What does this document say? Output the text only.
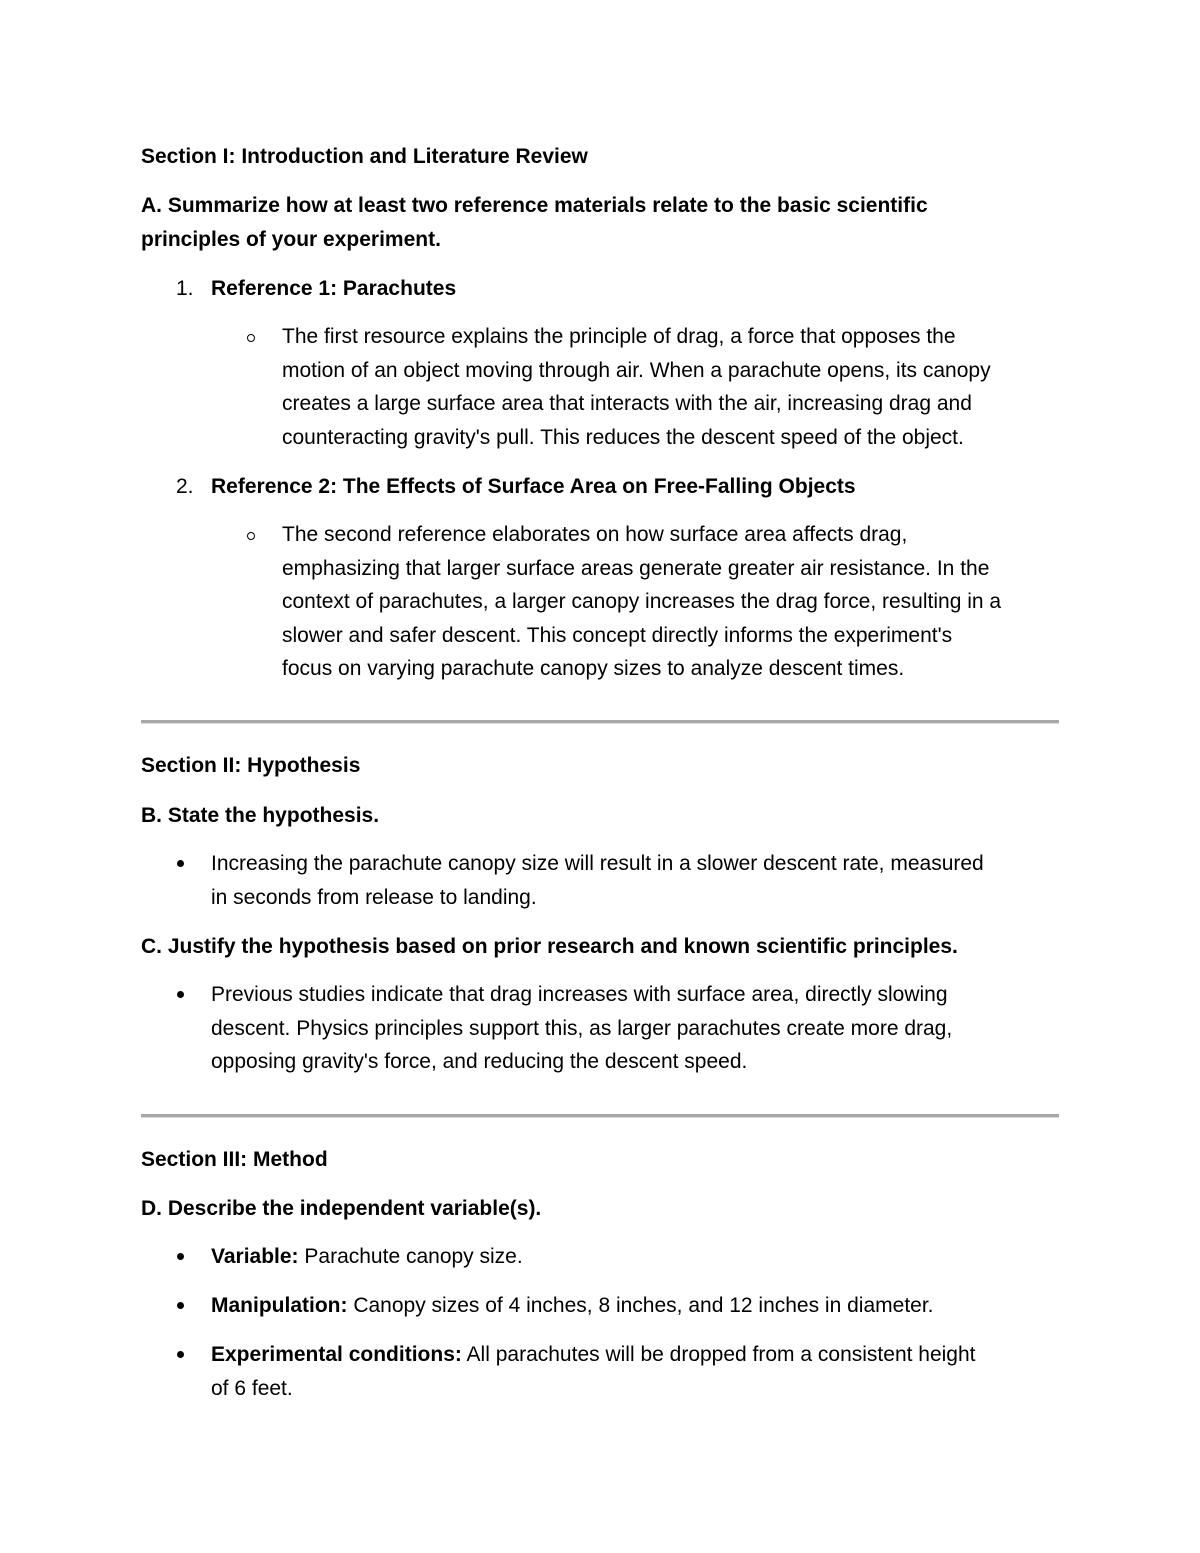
Section I: Introduction and Literature Review
A. Summarize how at least two reference materials relate to the basic scientific
principles of your experiment.
1. Reference 1: Parachutes
The first resource explains the principle of drag, a force that opposes the
motion of an object moving through air. When a parachute opens, its canopy
creates a large surface area that interacts with the air, increasing drag and
counteracting gravity's pull. This reduces the descent speed of the object.
2. Reference 2: The Effects of Surface Area on Free-Falling Objects
The second reference elaborates on how surface area affects drag,
emphasizing that larger surface areas generate greater air resistance. In the
context of parachutes, a larger canopy increases the drag force, resulting in a
slower and safer descent. This concept directly informs the experiment's
focus on varying parachute canopy sizes to analyze descent times.
Section II: Hypothesis
B. State the hypothesis.
Increasing the parachute canopy size will result in a slower descent rate, measured
in seconds from release to landing.
C. Justify the hypothesis based on prior research and known scientific principles.
Previous studies indicate that drag increases with surface area, directly slowing
descent. Physics principles support this, as larger parachutes create more drag,
opposing gravity's force, and reducing the descent speed.
Section III: Method
D. Describe the independent variable(s).
Variable: Parachute canopy size.
Manipulation: Canopy sizes of 4 inches, 8 inches, and 12 inches in diameter.
Experimental conditions: All parachutes will be dropped from a consistent height
of 6 feet.
